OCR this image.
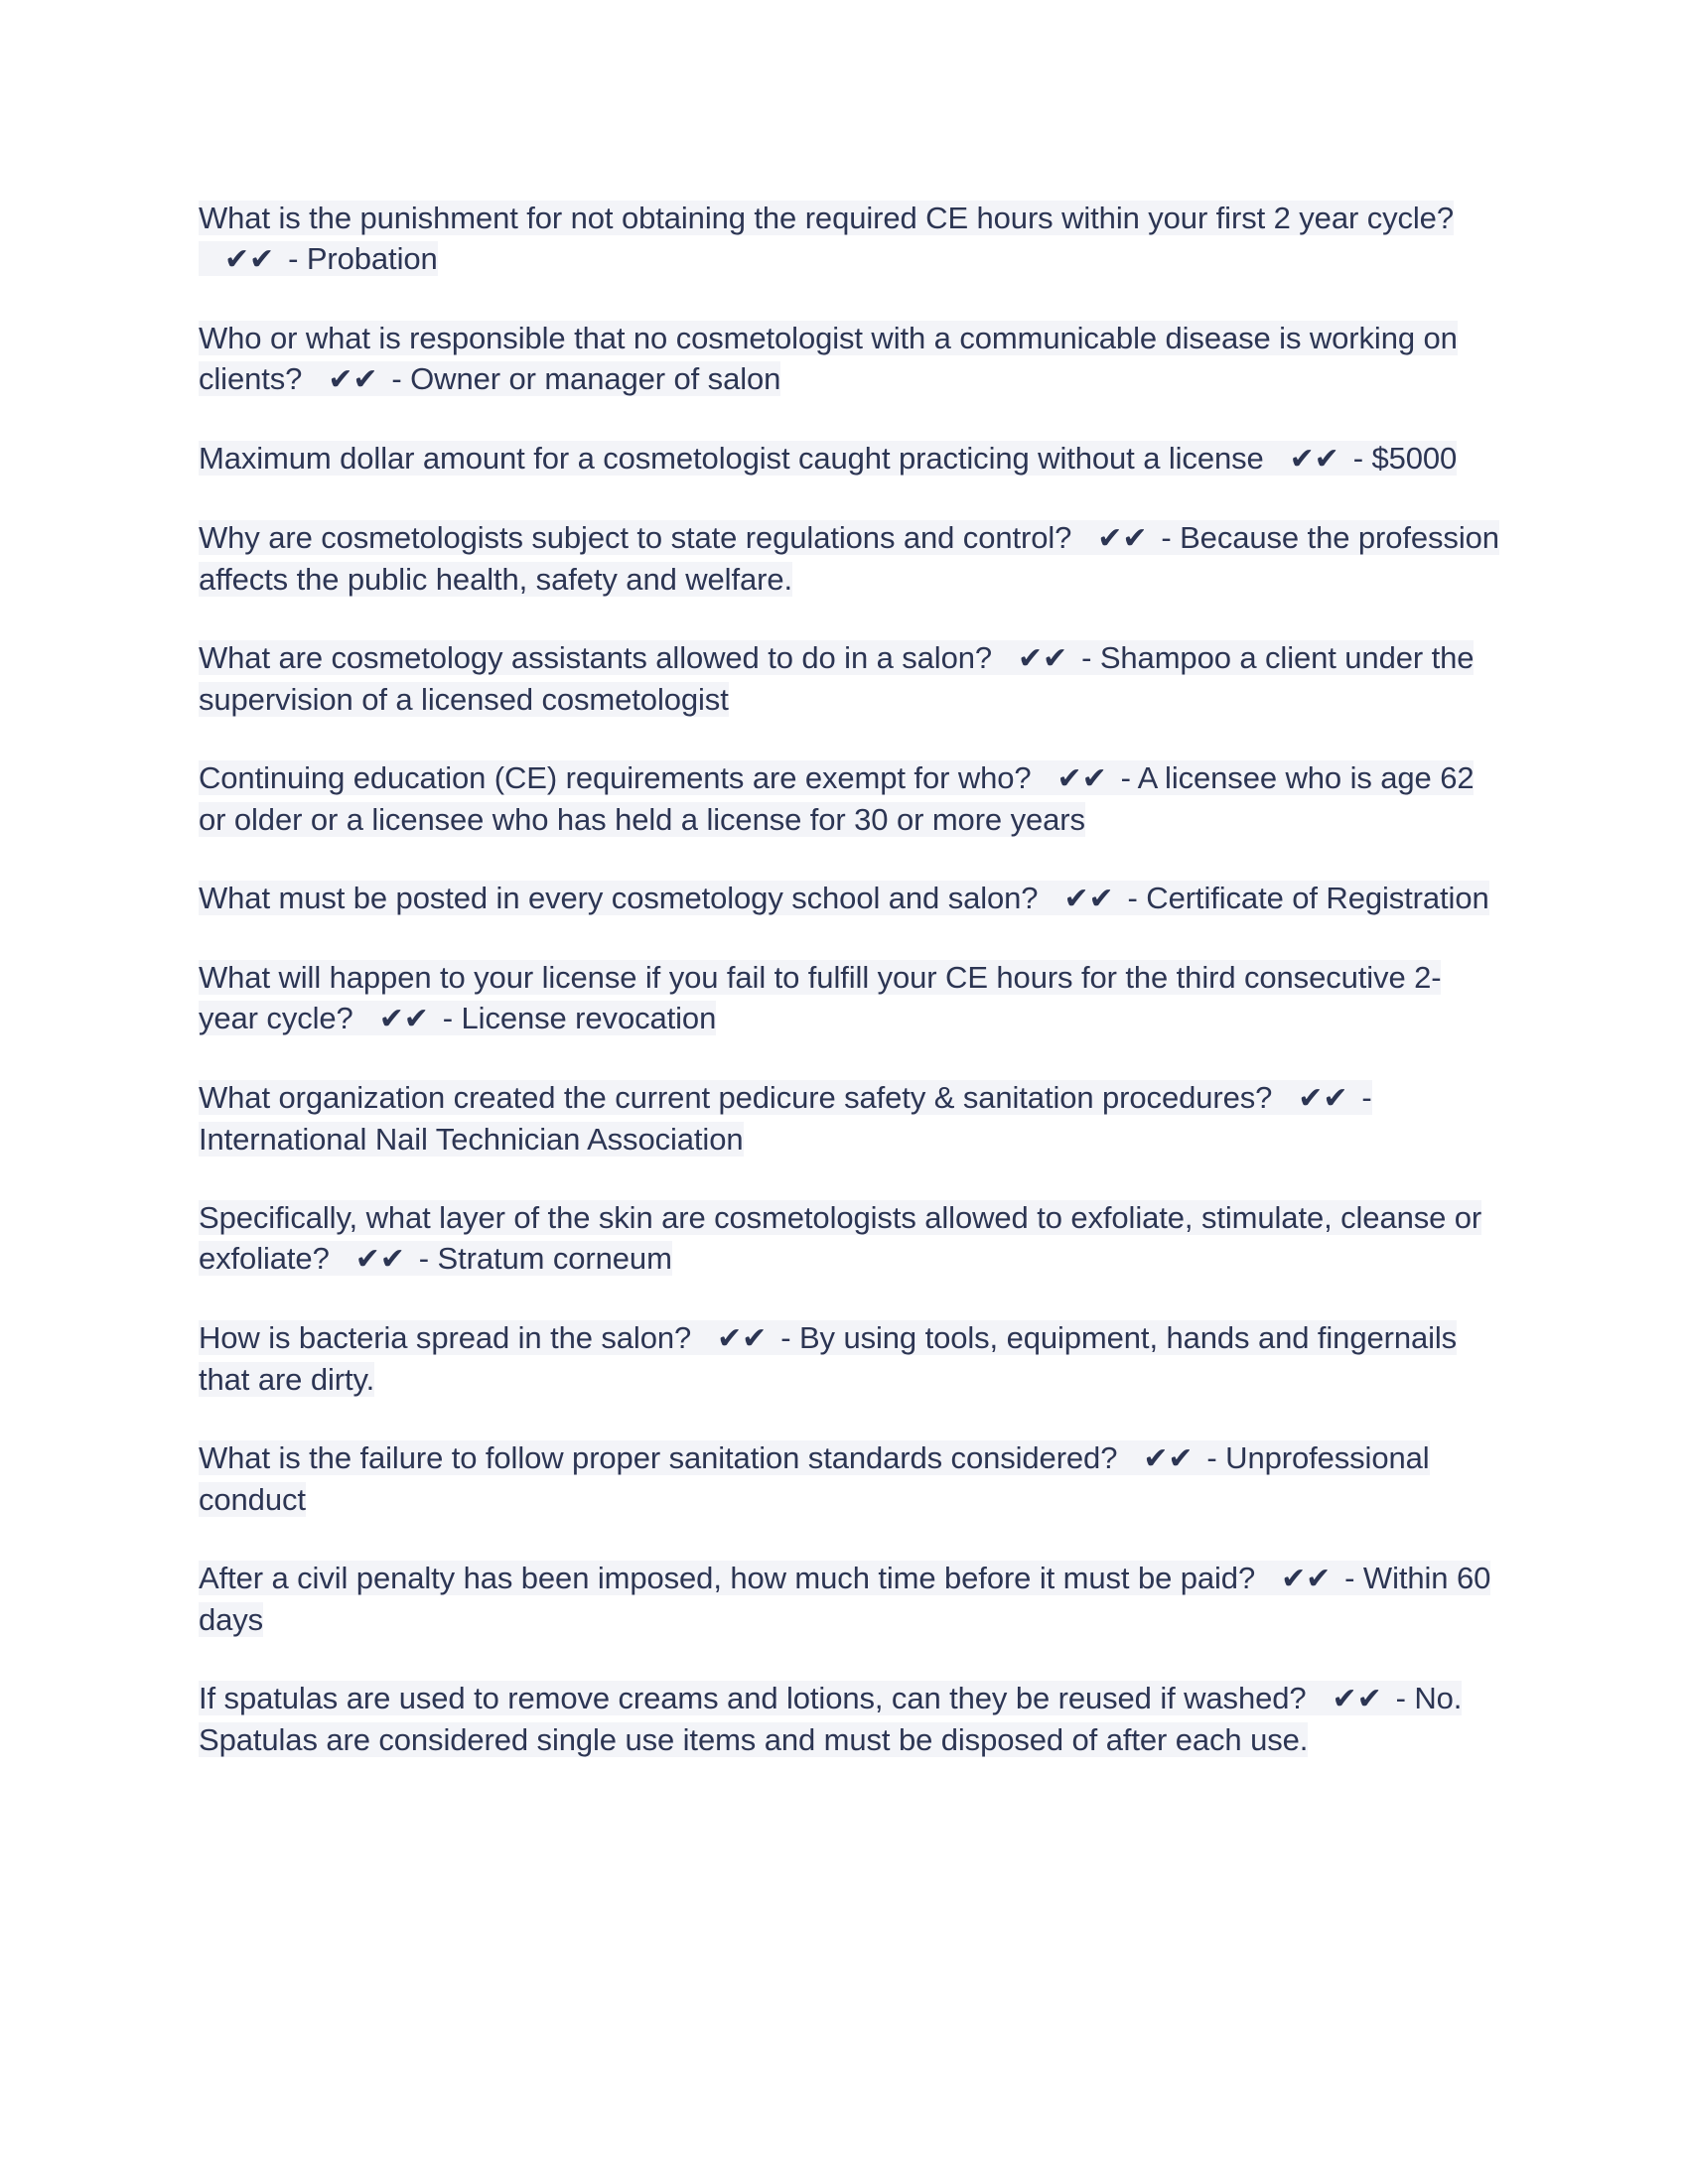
What is the punishment for not obtaining the required CE hours within your first 2 year cycle?✔✔ - Probation

Who or what is responsible that no cosmetologist with a communicable disease is working on clients? ✔✔ - Owner or manager of salon

Maximum dollar amount for a cosmetologist caught practicing without a license ✔✔ - $5000

Why are cosmetologists subject to state regulations and control? ✔✔ - Because the profession affects the public health, safety and welfare.

What are cosmetology assistants allowed to do in a salon? ✔✔ - Shampoo a client under the supervision of a licensed cosmetologist

Continuing education (CE) requirements are exempt for who? ✔✔ - A licensee who is age 62 or older or a licensee who has held a license for 30 or more years

What must be posted in every cosmetology school and salon? ✔✔ - Certificate of Registration

What will happen to your license if you fail to fulfill your CE hours for the third consecutive 2-year cycle? ✔✔ - License revocation

What organization created the current pedicure safety & sanitation procedures? ✔✔ - International Nail Technician Association

Specifically, what layer of the skin are cosmetologists allowed to exfoliate, stimulate, cleanse or exfoliate? ✔✔ - Stratum corneum

How is bacteria spread in the salon? ✔✔ - By using tools, equipment, hands and fingernails that are dirty.

What is the failure to follow proper sanitation standards considered? ✔✔ - Unprofessional conduct

After a civil penalty has been imposed, how much time before it must be paid? ✔✔ - Within 60 days

If spatulas are used to remove creams and lotions, can they be reused if washed? ✔✔ - No. Spatulas are considered single use items and must be disposed of after each use.
